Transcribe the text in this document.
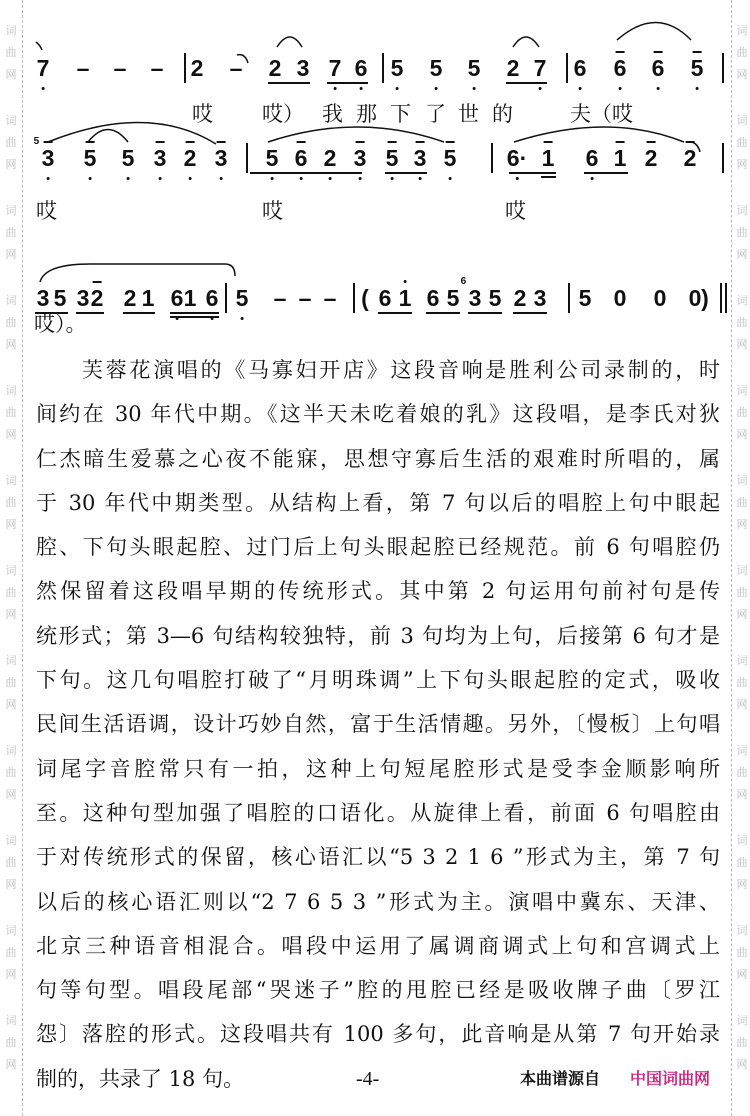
词
曲
网
词
曲
网
词
曲
网
词
曲
网
词
曲
网
词
曲
网
词
曲
网
词
曲
网
词
曲
网
词
曲
网
词
曲
网
词
曲
网
词
曲
网
词
曲
网
词
曲
网
词
曲
网
词
曲
网
词
曲
网
词
曲
网
词
曲
网
词
曲
网
词
曲
网
词
曲
网
词
曲
网
7 – – – 2 – 2 3 7 6 5 5 5 2 7 6 6 6 5
3
5
5 5 3 2 3 5 6 2 3 5 3 5 6· 1 6 1 2 2
3 5 3 2 2 1 6 1 6 5 – – – ( 6 1 6 5 3
6
5 2 3 5 0 0 0 )
哎 哎） 我 那 下 了 世 的	夫（哎
哎	哎	哎
哎）。
芙蓉花演唱的《马寡妇开店》这段音响是胜利公司录制的，时
间约在 30 年代中期。《这半天未吃着娘的乳》这段唱，是李氏对狄
仁杰暗生爱慕之心夜不能寐，思想守寡后生活的艰难时所唱的，属
于 30 年代中期类型。从结构上看，第 7 句以后的唱腔上句中眼起
腔、下句头眼起腔、过门后上句头眼起腔已经规范。前 6 句唱腔仍
然保留着这段唱早期的传统形式。其中第 2 句运用句前衬句是传
统形式；第 3—6 句结构较独特，前 3 句均为上句，后接第 6 句才是
下句。这几句唱腔打破了“月明珠调”上下句头眼起腔的定式，吸收
民间生活语调，设计巧妙自然，富于生活情趣。另外，〔慢板〕上句唱
词尾字音腔常只有一拍，这种上句短尾腔形式是受李金顺影响所
至。这种句型加强了唱腔的口语化。从旋律上看，前面 6 句唱腔由
于对传统形式的保留，核心语汇以“5 3 2 1 6 ”形式为主，第 7 句
以后的核心语汇则以“2 7 6 5 3 ”形式为主。演唱中冀东、天津、
北京三种语音相混合。唱段中运用了属调商调式上句和宫调式上
句等句型。唱段尾部“哭迷子”腔的甩腔已经是吸收牌子曲〔罗江
怨〕落腔的形式。这段唱共有 100 多句，此音响是从第 7 句开始录
制的，共录了 18 句。	-4-	本曲谱源自 中国词曲网
